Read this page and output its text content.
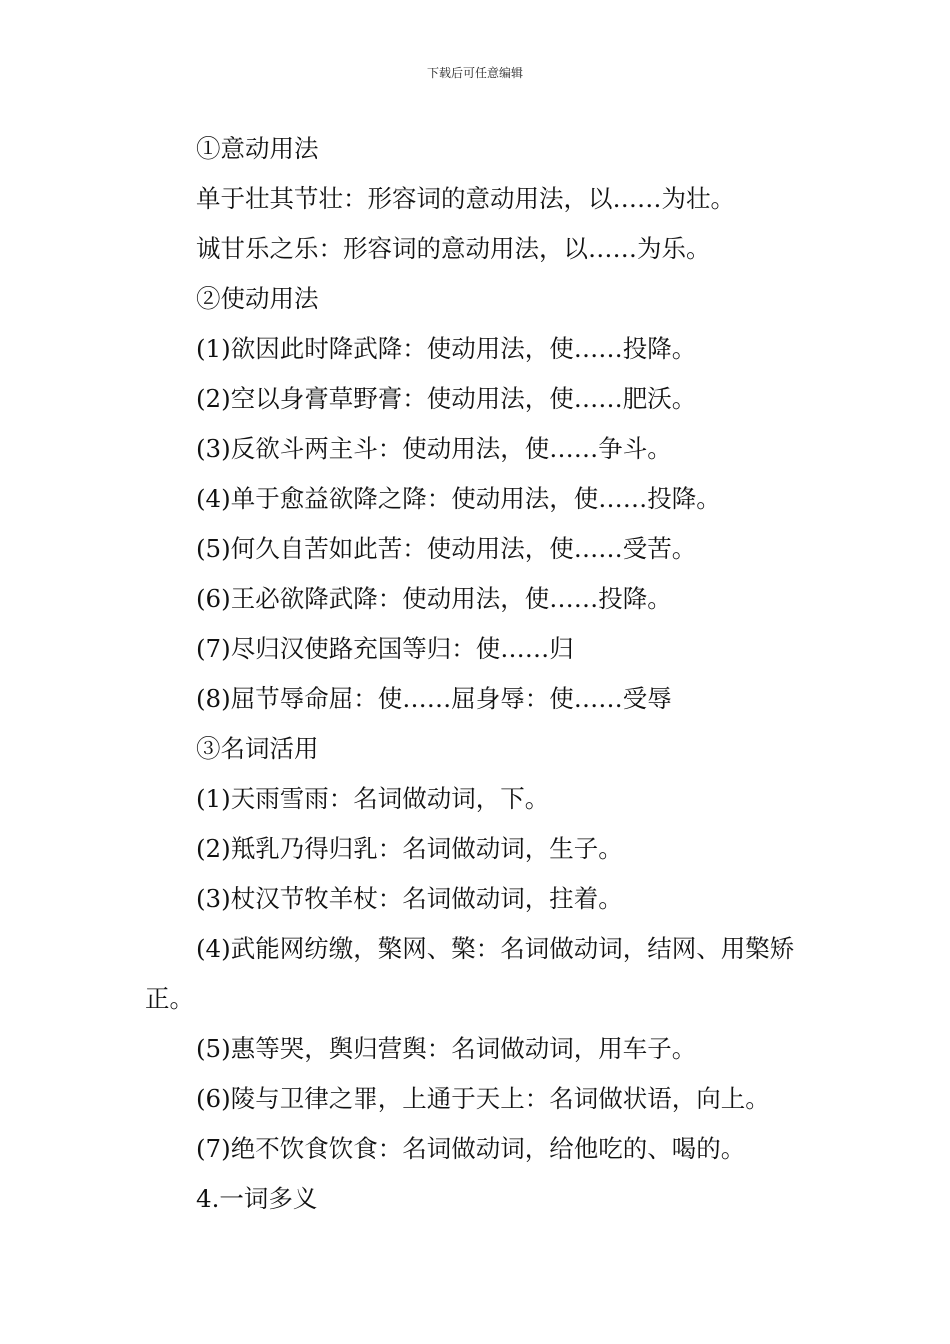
下载后可任意编辑
①意动用法
单于壮其节壮：形容词的意动用法，以……为壮。
诚甘乐之乐：形容词的意动用法，以……为乐。
②使动用法
(1)欲因此时降武降：使动用法，使……投降。
(2)空以身膏草野膏：使动用法，使……肥沃。
(3)反欲斗两主斗：使动用法，使……争斗。
(4)单于愈益欲降之降：使动用法，使……投降。
(5)何久自苦如此苦：使动用法，使……受苦。
(6)王必欲降武降：使动用法，使……投降。
(7)尽归汉使路充国等归：使……归
(8)屈节辱命屈：使……屈身辱：使……受辱
③名词活用
(1)天雨雪雨：名词做动词，下。
(2)羝乳乃得归乳：名词做动词，生子。
(3)杖汉节牧羊杖：名词做动词，拄着。
(4)武能网纺缴，檠网、檠：名词做动词，结网、用檠矫正。
(5)惠等哭，舆归营舆：名词做动词，用车子。
(6)陵与卫律之罪，上通于天上：名词做状语，向上。
(7)绝不饮食饮食：名词做动词，给他吃的、喝的。
4.一词多义
